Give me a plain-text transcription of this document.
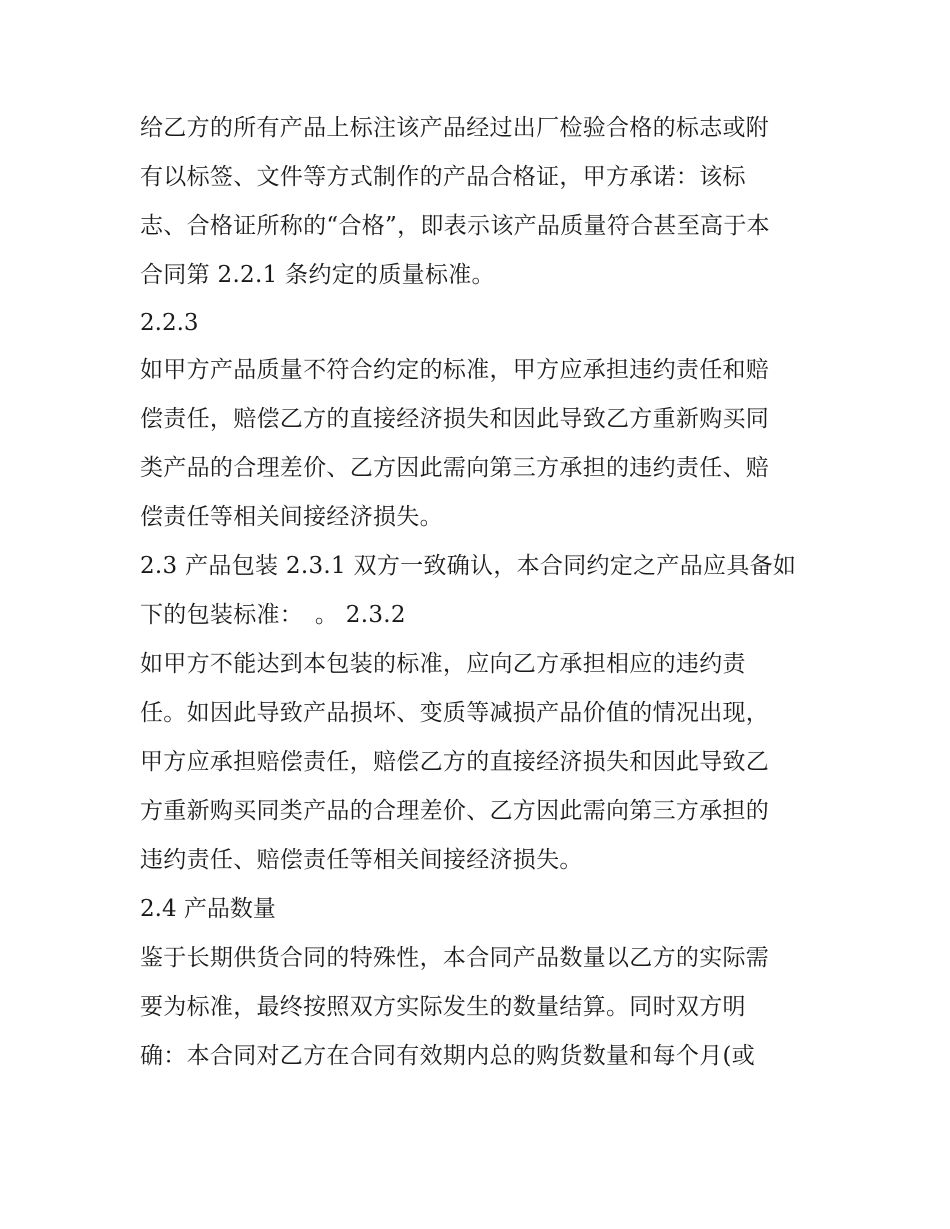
给乙方的所有产品上标注该产品经过出厂检验合格的标志或附
有以标签、文件等方式制作的产品合格证，甲方承诺：该标
志、合格证所称的“合格”，即表示该产品质量符合甚至高于本
合同第 2.2.1 条约定的质量标准。

2.2.3

如甲方产品质量不符合约定的标准，甲方应承担违约责任和赔
偿责任，赔偿乙方的直接经济损失和因此导致乙方重新购买同
类产品的合理差价、乙方因此需向第三方承担的违约责任、赔
偿责任等相关间接经济损失。

2.3 产品包装 2.3.1 双方一致确认，本合同约定之产品应具备如
下的包装标准：　。 2.3.2

如甲方不能达到本包装的标准，应向乙方承担相应的违约责
任。如因此导致产品损坏、变质等减损产品价值的情况出现，
甲方应承担赔偿责任，赔偿乙方的直接经济损失和因此导致乙
方重新购买同类产品的合理差价、乙方因此需向第三方承担的
违约责任、赔偿责任等相关间接经济损失。

2.4 产品数量

鉴于长期供货合同的特殊性，本合同产品数量以乙方的实际需
要为标准，最终按照双方实际发生的数量结算。同时双方明
确：本合同对乙方在合同有效期内总的购货数量和每个月(或
